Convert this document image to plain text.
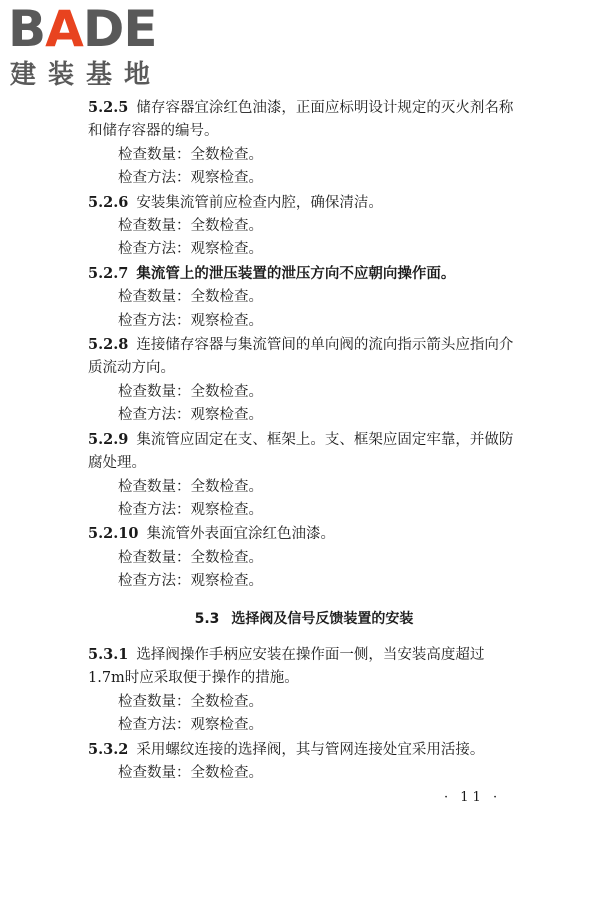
BADE
建装基地

5.2.5 储存容器宜涂红色油漆，正面应标明设计规定的灭火剂名称和储存容器的编号。

检查数量：全数检查。

检查方法：观察检查。

5.2.6 安装集流管前应检查内腔，确保清洁。

检查数量：全数检查。

检查方法：观察检查。

5.2.7 集流管上的泄压装置的泄压方向不应朝向操作面。

检查数量：全数检查。

检查方法：观察检查。

5.2.8 连接储存容器与集流管间的单向阀的流向指示箭头应指向介质流动方向。

检查数量：全数检查。

检查方法：观察检查。

5.2.9 集流管应固定在支、框架上。支、框架应固定牢靠，并做防腐处理。

检查数量：全数检查。

检查方法：观察检查。

5.2.10 集流管外表面宜涂红色油漆。

检查数量：全数检查。

检查方法：观察检查。

5.3 选择阀及信号反馈装置的安装

5.3.1 选择阀操作手柄应安装在操作面一侧，当安装高度超过1.7m时应采取便于操作的措施。

检查数量：全数检查。

检查方法：观察检查。

5.3.2 采用螺纹连接的选择阀，其与管网连接处宜采用活接。

检查数量：全数检查。

· 11 ·
